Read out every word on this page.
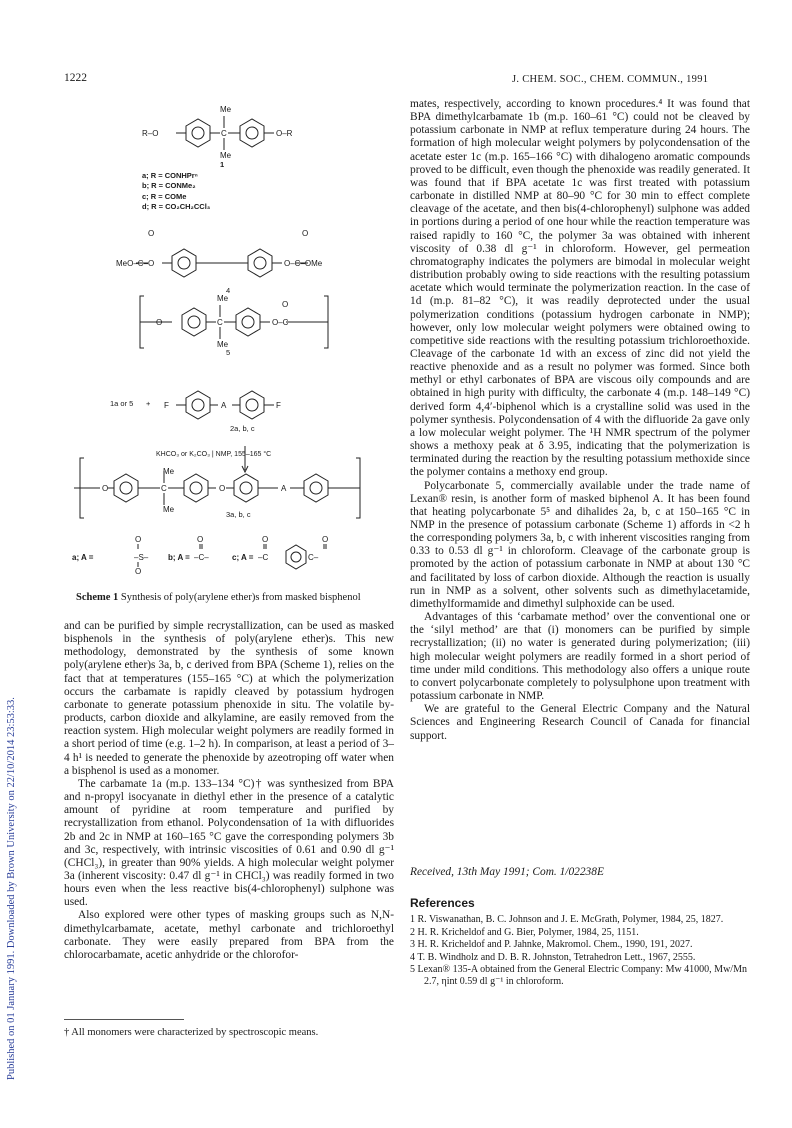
1222	J. CHEM. SOC., CHEM. COMMUN., 1991
Published on 01 January 1991. Downloaded by Brown University on 22/10/2014 23:53:33.
Me
R–O	C	O–R
Me
O	O
MeO–C–O	O–C–OMe
Me
O	C	O–C
Me
O
F	A	F
Me
O	C	O	A
Me
O
–S–
O
O
–C–
O
–C
O
C–
a; A =	b; A =	c; A =
1
a; R = CONHPrⁿ
b; R = CONMe₂
c; R = COMe
d; R = CO₂CH₂CCl₃
4
5
1a or 5 +
2a, b, c
KHCO₃ or K₂CO₃ | NMP, 155–165 °C
3a, b, c
Scheme 1 Synthesis of poly(arylene ether)s from masked bisphenol

and can be purified by simple recrystallization, can be used as masked bisphenols in the synthesis of poly(arylene ether)s. This new methodology, demonstrated by the synthesis of some known poly(arylene ether)s 3a, b, c derived from BPA (Scheme 1), relies on the fact that at temperatures (155–165 °C) at which the polymerization occurs the carbamate is rapidly cleaved by potassium hydrogen carbonate to generate potassium phenoxide in situ. The volatile by-products, carbon dioxide and alkylamine, are easily removed from the reaction system. High molecular weight polymers are readily formed in a short period of time (e.g. 1–2 h). In comparison, at least a period of 3–4 h¹ is needed to generate the phenoxide by azeotroping off water when a bisphenol is used as a monomer.

The carbamate 1a (m.p. 133–134 °C)† was synthesized from BPA and n-propyl isocyanate in diethyl ether in the presence of a catalytic amount of pyridine at room temperature and purified by recrystallization from ethanol. Polycondensation of 1a with difluorides 2b and 2c in NMP at 160–165 °C gave the corresponding polymers 3b and 3c, respectively, with intrinsic viscosities of 0.61 and 0.90 dl g⁻¹ (CHCl₃), in greater than 90% yields. A high molecular weight polymer 3a (inherent viscosity: 0.47 dl g⁻¹ in CHCl₃) was readily formed in two hours even when the less reactive bis(4-chlorophenyl) sulphone was used.

Also explored were other types of masking groups such as N,N-dimethylcarbamate, acetate, methyl carbonate and trichloroethyl carbonate. They were easily prepared from BPA from the chlorocarbamate, acetic anhydride or the chlorofor-

mates, respectively, according to known procedures.⁴ It was found that BPA dimethylcarbamate 1b (m.p. 160–61 °C) could not be cleaved by potassium carbonate in NMP at reflux temperature during 24 hours. The formation of high molecular weight polymers by polycondensation of the acetate ester 1c (m.p. 165–166 °C) with dihalogeno aromatic compounds proved to be difficult, even though the phenoxide was readily generated. It was found that if BPA acetate 1c was first treated with potassium carbonate in distilled NMP at 80–90 °C for 30 min to effect complete cleavage of the acetate, and then bis(4-chlorophenyl) sulphone was added in portions during a period of one hour while the reaction temperature was raised rapidly to 160 °C, the polymer 3a was obtained with inherent viscosity of 0.38 dl g⁻¹ in chloroform. However, gel permeation chromatography indicates the polymers are bimodal in molecular weight distribution probably owing to side reactions with the resulting potassium acetate which would terminate the polymerization reaction. In the case of 1d (m.p. 81–82 °C), it was readily deprotected under the usual polymerization conditions (potassium hydrogen carbonate in NMP); however, only low molecular weight polymers were obtained owing to competitive side reactions with the resulting potassium trichloroethoxide. Cleavage of the carbonate 1d with an excess of zinc did not yield the reactive phenoxide and as a result no polymer was formed. Since both methyl or ethyl carbonates of BPA are viscous oily compounds and are obtained in high purity with difficulty, the carbonate 4 (m.p. 148–149 °C) derived form 4,4′-biphenol which is a crystalline solid was used in the polymer synthesis. Polycondensation of 4 with the difluoride 2a gave only a low molecular weight polymer. The ¹H NMR spectrum of the polymer shows a methoxy peak at δ 3.95, indicating that the polymerization is terminated during the reaction by the resulting potassium methoxide since the polymer contains a methoxy end group.

Polycarbonate 5, commercially available under the trade name of Lexan® resin, is another form of masked biphenol A. It has been found that heating polycarbonate 5⁵ and dihalides 2a, b, c at 150–165 °C in NMP in the presence of potassium carbonate (Scheme 1) affords in <2 h the corresponding polymers 3a, b, c with inherent viscosities ranging from 0.33 to 0.53 dl g⁻¹ in chloroform. Cleavage of the carbonate group is promoted by the action of potassium carbonate in NMP at about 130 °C and facilitated by loss of carbon dioxide. Although the reaction is usually run in NMP as a solvent, other solvents such as dimethylacetamide, dimethylformamide and dimethyl sulphoxide can be used.

Advantages of this ‘carbamate method’ over the conventional one or the ‘silyl method’ are that (i) monomers can be purified by simple recrystallization; (ii) no water is generated during polymerization; (iii) high molecular weight polymers are readily formed in a short period of time under mild conditions. This methodology also offers a unique route to convert polycarbonate completely to polysulphone upon treatment with potassium carbonate in NMP.

We are grateful to the General Electric Company and the Natural Sciences and Engineering Research Council of Canada for financial support.

Received, 13th May 1991; Com. 1/02238E
References
1 R. Viswanathan, B. C. Johnson and J. E. McGrath, Polymer, 1984, 25, 1827.
2 H. R. Kricheldof and G. Bier, Polymer, 1984, 25, 1151.
3 H. R. Kricheldof and P. Jahnke, Makromol. Chem., 1990, 191, 2027.
4 T. B. Windholz and D. B. R. Johnston, Tetrahedron Lett., 1967, 2555.
5 Lexan® 135-A obtained from the General Electric Company: Mw 41000, Mw/Mn 2.7, ηint 0.59 dl g⁻¹ in chloroform.
† All monomers were characterized by spectroscopic means.
